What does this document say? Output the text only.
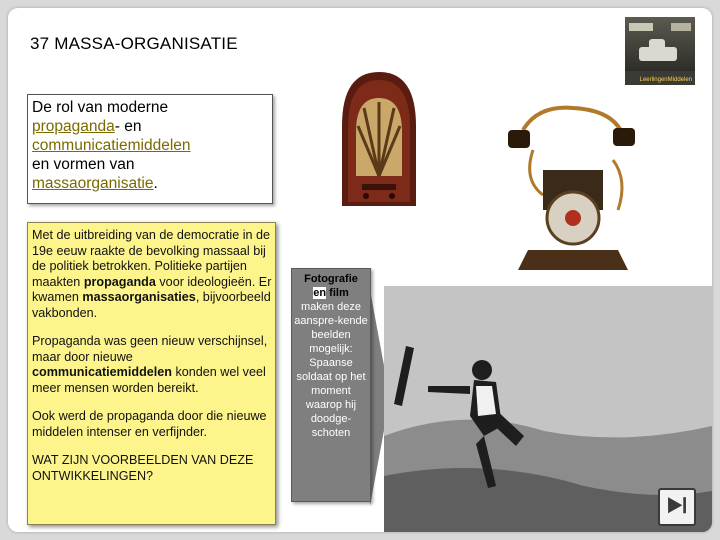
37 MASSA-ORGANISATIE
LeerlingenMiddelen
De rol van moderne
propaganda- en
communicatiemiddelen
en vormen van
massaorganisatie.

Met de uitbreiding van de democratie in de 19e eeuw raakte de bevolking massaal bij de politiek betrokken. Politieke partijen maakten propaganda voor ideologieën. Er kwamen massaorganisaties, bijvoorbeeld vakbonden.

Propaganda was geen nieuw verschijnsel, maar door nieuwe communicatiemiddelen konden wel veel meer mensen worden bereikt.

Ook werd de propaganda door die nieuwe middelen intenser en verfijnder.

WAT ZIJN VOORBEELDEN VAN DEZE ONTWIKKELINGEN?

Fotografie
en film
maken deze aanspre-kende beelden mogelijk: Spaanse soldaat op het moment waarop hij doodge-schoten
